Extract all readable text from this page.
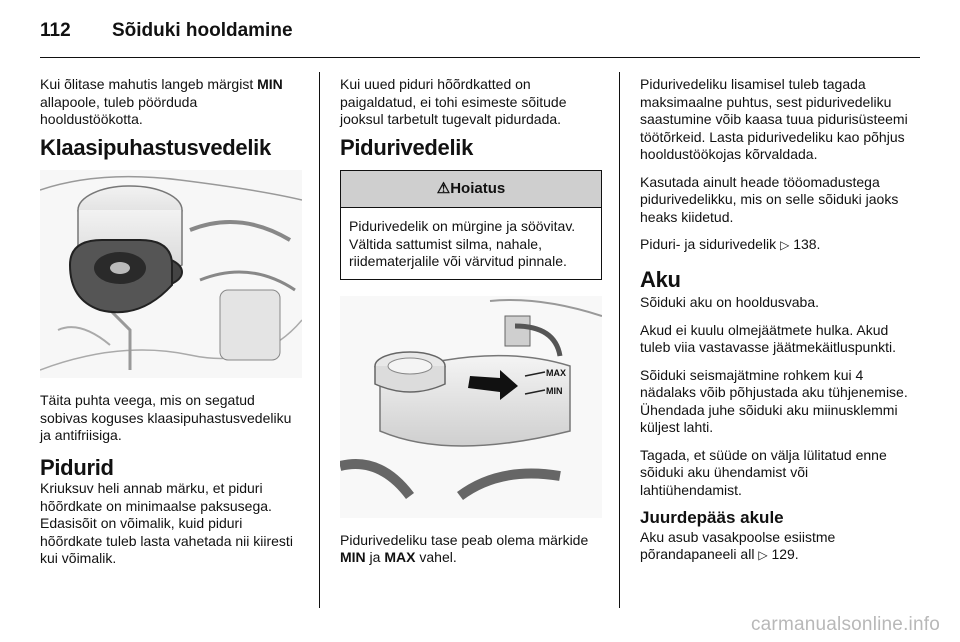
112 Sõiduki hooldamine

Kui õlitase mahutis langeb märgist MIN allapoole, tuleb pöörduda hooldustöökotta.

Klaasipuhastusvedelik

Täita puhta veega, mis on segatud sobivas koguses klaasipuhastusvedeliku ja antifriisiga.

Pidurid

Kriuksuv heli annab märku, et piduri hõõrdkate on minimaalse paksusega. Edasisõit on võimalik, kuid piduri hõõrdkate tuleb lasta vahetada nii kiiresti kui võimalik.

Kui uued piduri hõõrdkatted on paigaldatud, ei tohi esimeste sõitude jooksul tarbetult tugevalt pidurdada.

Pidurivedelik
⚠Hoiatus
Pidurivedelik on mürgine ja söövitav. Vältida sattumist silma, nahale, riidematerjalile või värvitud pinnale.
MAX
MIN

Pidurivedeliku tase peab olema märkide MIN ja MAX vahel.

Pidurivedeliku lisamisel tuleb tagada maksimaalne puhtus, sest pidurivedeliku saastumine võib kaasa tuua pidurisüsteemi töötõrkeid. Lasta pidurivedeliku kao põhjus hooldustöökojas kõrvaldada.

Kasutada ainult heade tööomadustega pidurivedelikku, mis on selle sõiduki jaoks heaks kiidetud.

Piduri- ja sidurivedelik ▷ 138.

Aku

Sõiduki aku on hooldusvaba.

Akud ei kuulu olmejäätmete hulka. Akud tuleb viia vastavasse jäätmekäitluspunkti.

Sõiduki seismajätmine rohkem kui 4 nädalaks võib põhjustada aku tühjenemise. Ühendada juhe sõiduki aku miinusklemmi küljest lahti.

Tagada, et süüde on välja lülitatud enne sõiduki aku ühendamist või lahtiühendamist.

Juurdepääs akule

Aku asub vasakpoolse esiistme põrandapaneeli all ▷ 129.

carmanualsonline.info
